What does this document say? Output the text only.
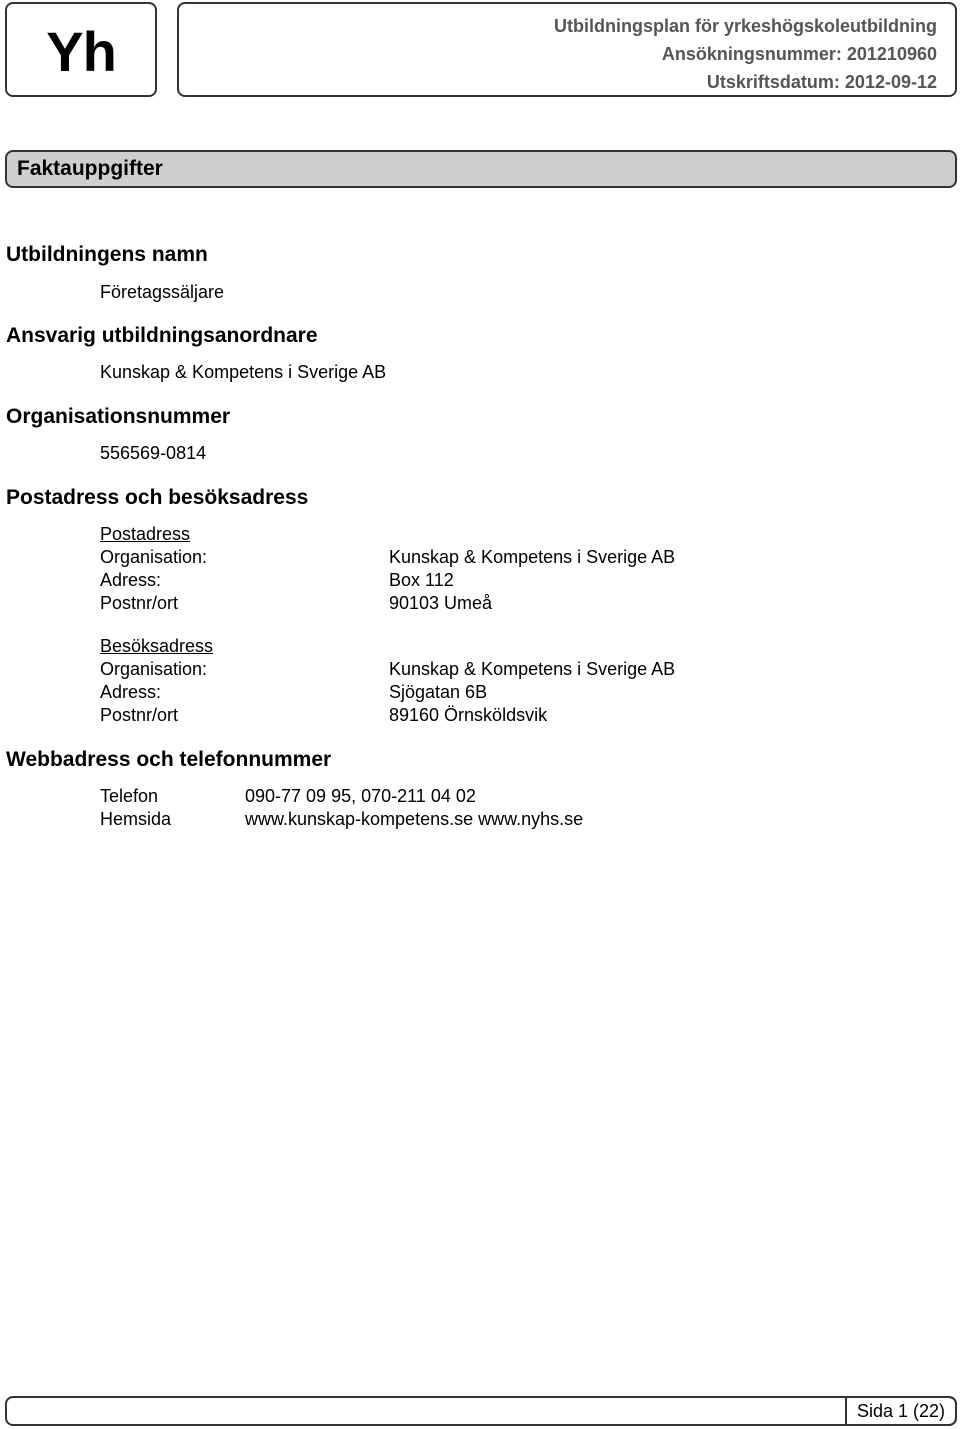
Yh	Utbildningsplan för yrkeshögskoleutbildning
Ansökningsnummer: 201210960
Utskriftsdatum: 2012-09-12
Faktauppgifter
Utbildningens namn
Företagssäljare
Ansvarig utbildningsanordnare
Kunskap & Kompetens i Sverige AB
Organisationsnummer
556569-0814
Postadress och besöksadress
Postadress
Organisation:	Kunskap & Kompetens i Sverige AB
Adress:	Box 112
Postnr/ort	90103 Umeå
Besöksadress
Organisation:	Kunskap & Kompetens i Sverige AB
Adress:	Sjögatan 6B
Postnr/ort	89160 Örnsköldsvik
Webbadress och telefonnummer
Telefon	090-77 09 95, 070-211 04 02
Hemsida	www.kunskap-kompetens.se www.nyhs.se
Sida 1 (22)
